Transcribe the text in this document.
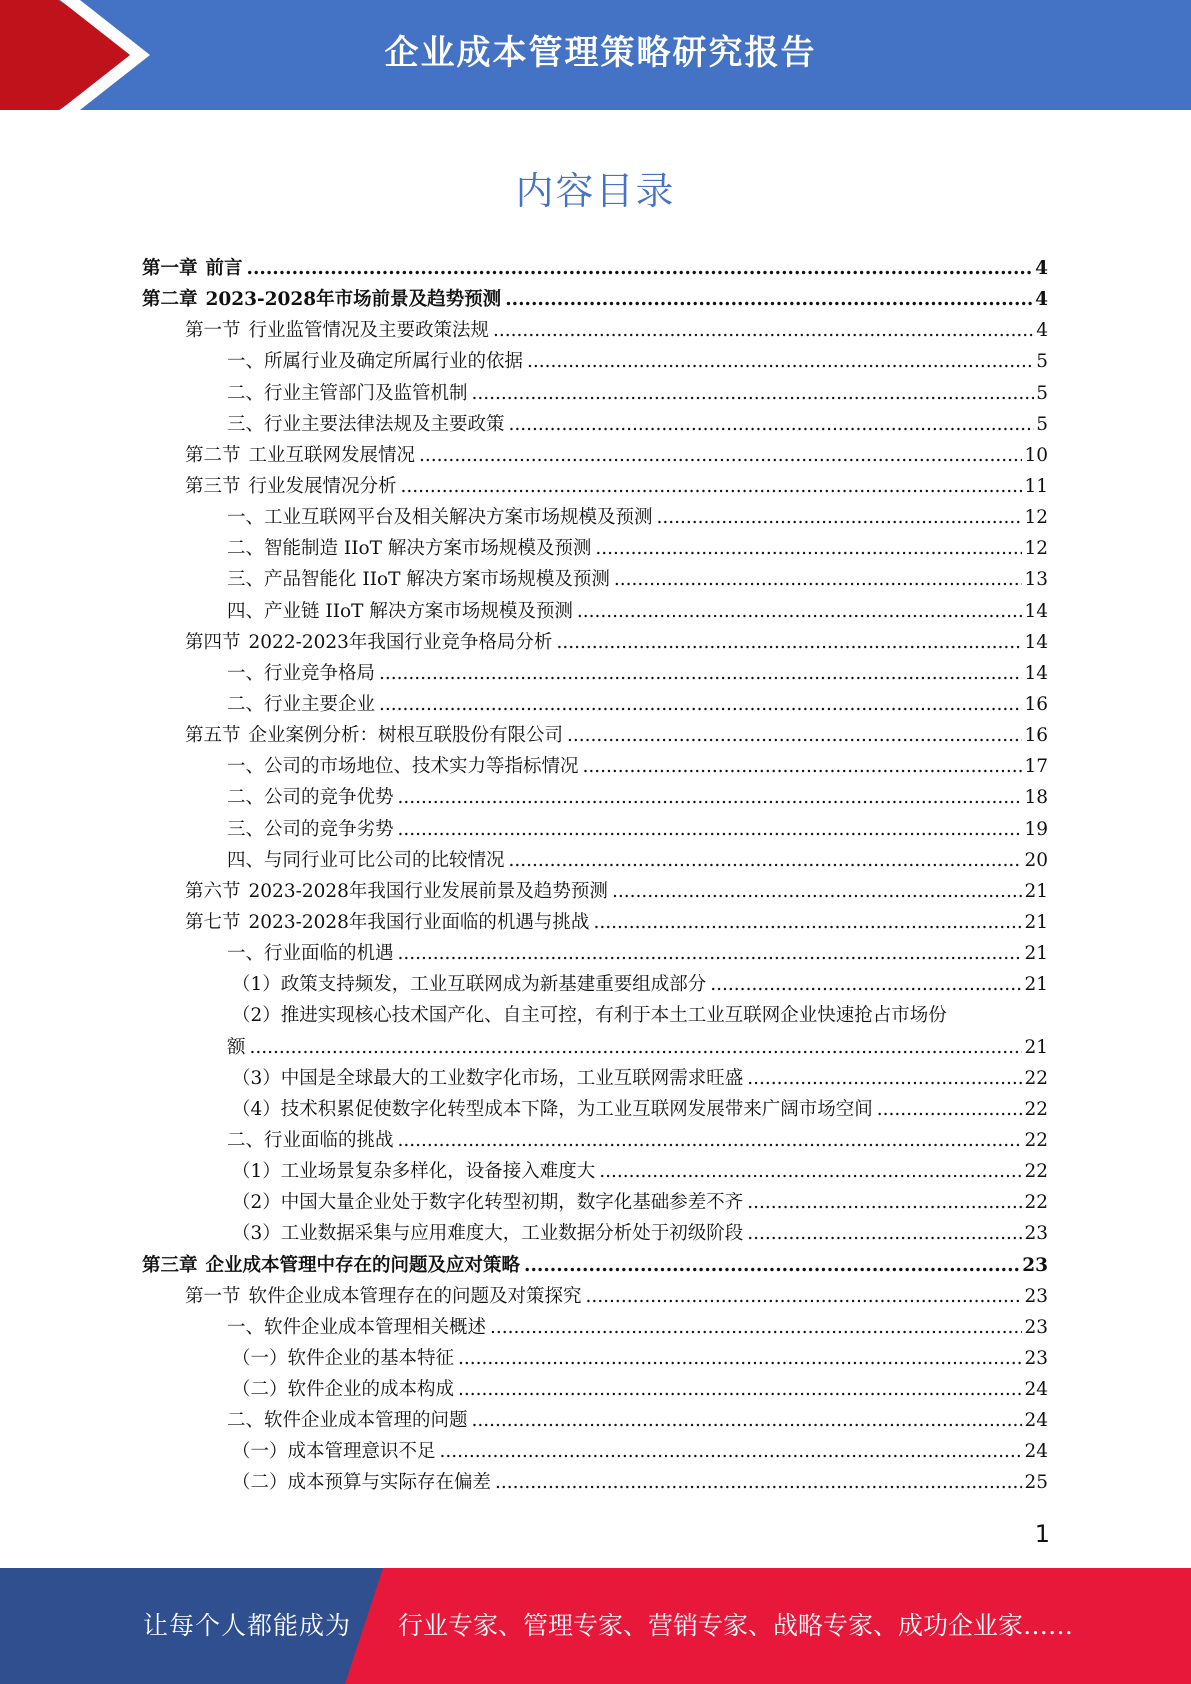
企业成本管理策略研究报告
内容目录
第一章 前言 .....	4
第二章 2023-2028年市场前景及趋势预测 .....	4
第一节 行业监管情况及主要政策法规 .....	4
一、所属行业及确定所属行业的依据 .....	5
二、行业主管部门及监管机制 .....	5
三、行业主要法律法规及主要政策 .....	5
第二节 工业互联网发展情况 .....	10
第三节 行业发展情况分析 .....	11
一、工业互联网平台及相关解决方案市场规模及预测 .....	12
二、智能制造 IIoT 解决方案市场规模及预测 .....	12
三、产品智能化 IIoT 解决方案市场规模及预测 .....	13
四、产业链 IIoT 解决方案市场规模及预测 .....	14
第四节 2022-2023年我国行业竞争格局分析 .....	14
一、行业竞争格局 .....	14
二、行业主要企业 .....	16
第五节 企业案例分析：树根互联股份有限公司 .....	16
一、公司的市场地位、技术实力等指标情况 .....	17
二、公司的竞争优势 .....	18
三、公司的竞争劣势 .....	19
四、与同行业可比公司的比较情况 .....	20
第六节 2023-2028年我国行业发展前景及趋势预测 .....	21
第七节 2023-2028年我国行业面临的机遇与挑战 .....	21
一、行业面临的机遇 .....	21
（1）政策支持频发，工业互联网成为新基建重要组成部分 .....	21
（2）推进实现核心技术国产化、自主可控，有利于本土工业互联网企业快速抢占市场份
额 .....	21
（3）中国是全球最大的工业数字化市场，工业互联网需求旺盛 .....	22
（4）技术积累促使数字化转型成本下降，为工业互联网发展带来广阔市场空间 .....	22
二、行业面临的挑战 .....	22
（1）工业场景复杂多样化，设备接入难度大 .....	22
（2）中国大量企业处于数字化转型初期，数字化基础参差不齐 .....	22
（3）工业数据采集与应用难度大，工业数据分析处于初级阶段 .....	23
第三章 企业成本管理中存在的问题及应对策略 .....	23
第一节 软件企业成本管理存在的问题及对策探究 .....	23
一、软件企业成本管理相关概述 .....	23
（一）软件企业的基本特征 .....	23
（二）软件企业的成本构成 .....	24
二、软件企业成本管理的问题 .....	24
（一）成本管理意识不足 .....	24
（二）成本预算与实际存在偏差 .....	25
1
让每个人都能成为 行业专家、管理专家、营销专家、战略专家、成功企业家……
